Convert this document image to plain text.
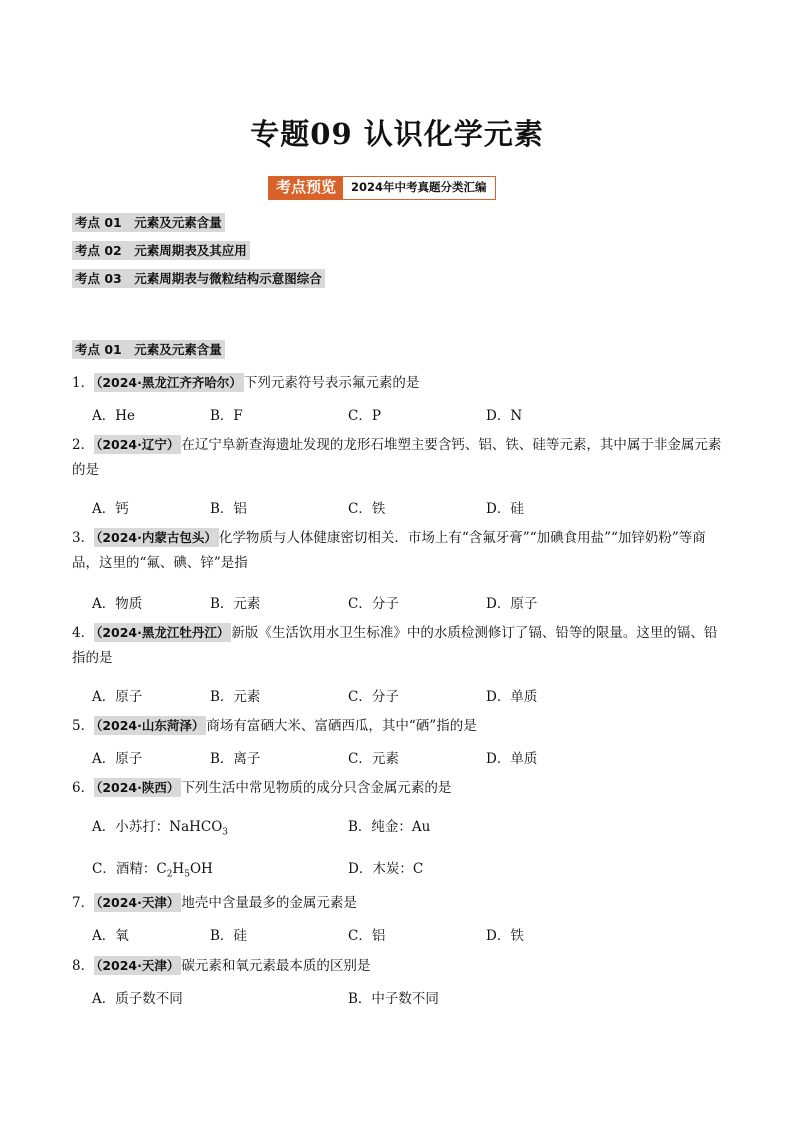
专题09 认识化学元素
考点预览	2024年中考真题分类汇编
考点 01　元素及元素含量
考点 02　元素周期表及其应用
考点 03　元素周期表与微粒结构示意图综合
考点 01　元素及元素含量
1． （2024·黑龙江齐齐哈尔） 下列元素符号表示氟元素的是
A．He	B．F	C．P	D．N
2． （2024·辽宁） 在辽宁阜新查海遗址发现的龙形石堆塑主要含钙、铝、铁、硅等元素，其中属于非金属元素的是
A．钙	B．铝	C．铁	D．硅
3． （2024·内蒙古包头） 化学物质与人体健康密切相关．市场上有“含氟牙膏”“加碘食用盐”“加锌奶粉”等商品，这里的“氟、碘、锌”是指
A．物质	B．元素	C．分子	D．原子
4． （2024·黑龙江牡丹江） 新版《生活饮用水卫生标准》中的水质检测修订了镉、铅等的限量。这里的镉、铅指的是
A．原子	B．元素	C．分子	D．单质
5． （2024·山东菏泽） 商场有富硒大米、富硒西瓜，其中“硒”指的是
A．原子	B．离子	C．元素	D．单质
6． （2024·陕西） 下列生活中常见物质的成分只含金属元素的是
A．小苏打：NaHCO$_3$	B．纯金：Au
C．酒精：$C_2H_5OH$	D．木炭：C
7． （2024·天津） 地壳中含量最多的金属元素是
A．氧	B．硅	C．铝	D．铁
8． （2024·天津） 碳元素和氧元素最本质的区别是
A．质子数不同	B．中子数不同
